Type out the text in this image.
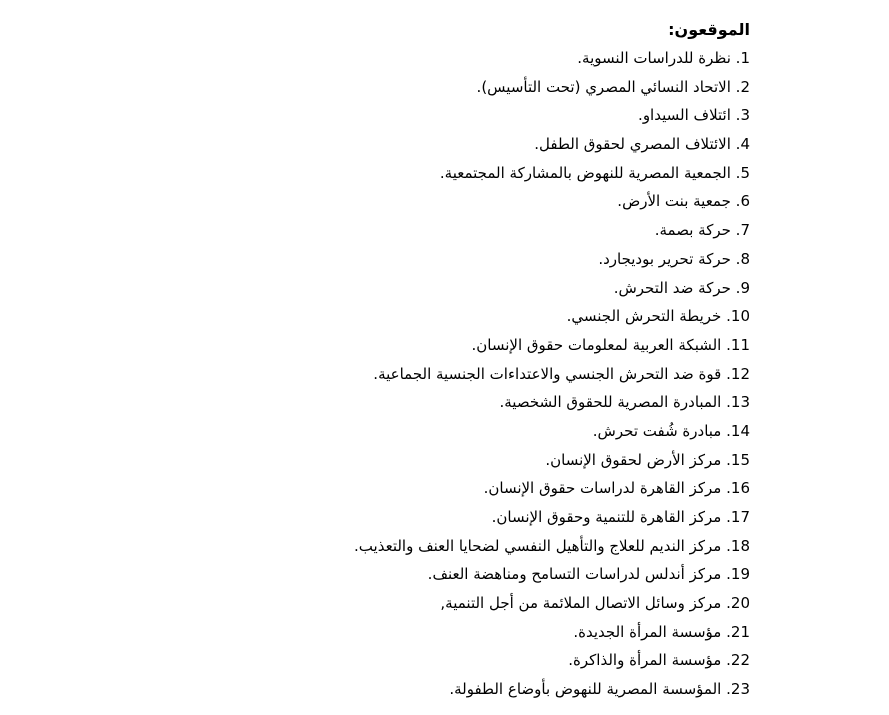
الموقعون:
1. نظرة للدراسات النسوية.
2. الاتحاد النسائي المصري (تحت التأسيس).
3. ائتلاف السيداو.
4. الائتلاف المصري لحقوق الطفل.
5. الجمعية المصرية للنهوض بالمشاركة المجتمعية.
6. جمعية بنت الأرض.
7. حركة بصمة.
8. حركة تحرير بوديجارد.
9. حركة ضد التحرش.
10. خريطة التحرش الجنسي.
11. الشبكة العربية لمعلومات حقوق الإنسان.
12. قوة ضد التحرش الجنسي والاعتداءات الجنسية الجماعية.
13. المبادرة المصرية للحقوق الشخصية.
14. مبادرة شُفت تحرش.
15. مركز الأرض لحقوق الإنسان.
16. مركز القاهرة لدراسات حقوق الإنسان.
17. مركز القاهرة للتنمية وحقوق الإنسان.
18. مركز النديم للعلاج والتأهيل النفسي لضحايا العنف والتعذيب.
19. مركز أندلس لدراسات التسامح ومناهضة العنف.
20. مركز وسائل الاتصال الملائمة من أجل التنمية,
21. مؤسسة المرأة الجديدة.
22. مؤسسة المرأة والذاكرة.
23. المؤسسة المصرية للنهوض بأوضاع الطفولة.
